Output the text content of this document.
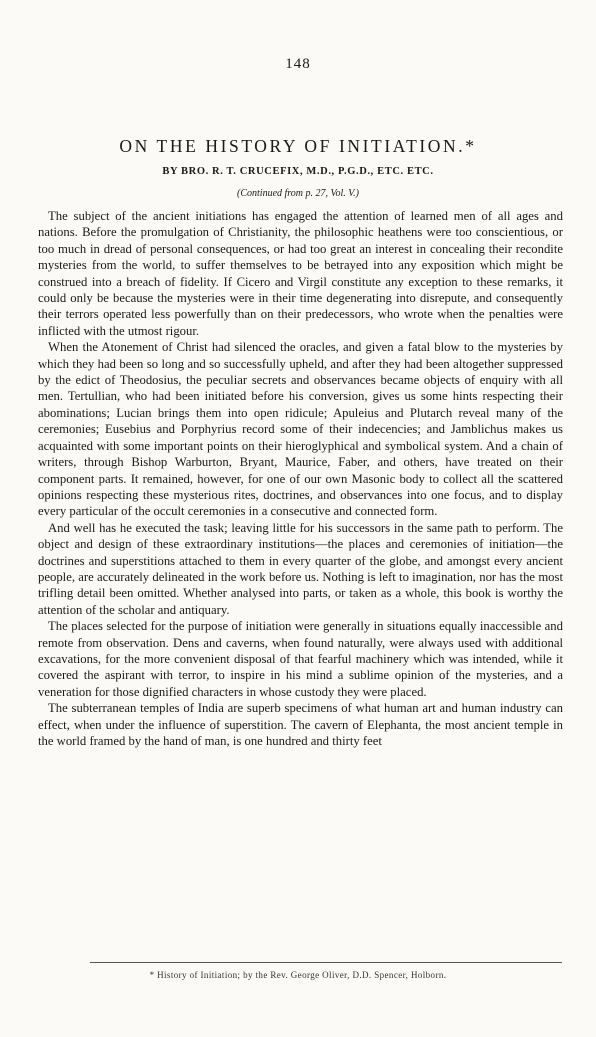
148
ON THE HISTORY OF INITIATION.*
BY BRO. R. T. CRUCEFIX, M.D., P.G.D., ETC. ETC.
(Continued from p. 27, Vol. V.)

The subject of the ancient initiations has engaged the attention of learned men of all ages and nations. Before the promulgation of Christianity, the philosophic heathens were too conscientious, or too much in dread of personal consequences, or had too great an interest in concealing their recondite mysteries from the world, to suffer themselves to be betrayed into any exposition which might be construed into a breach of fidelity. If Cicero and Virgil constitute any exception to these remarks, it could only be because the mysteries were in their time degenerating into disrepute, and consequently their terrors operated less powerfully than on their predecessors, who wrote when the penalties were inflicted with the utmost rigour.

When the Atonement of Christ had silenced the oracles, and given a fatal blow to the mysteries by which they had been so long and so successfully upheld, and after they had been altogether suppressed by the edict of Theodosius, the peculiar secrets and observances became objects of enquiry with all men. Tertullian, who had been initiated before his conversion, gives us some hints respecting their abominations; Lucian brings them into open ridicule; Apuleius and Plutarch reveal many of the ceremonies; Eusebius and Porphyrius record some of their indecencies; and Jamblichus makes us acquainted with some important points on their hieroglyphical and symbolical system. And a chain of writers, through Bishop Warburton, Bryant, Maurice, Faber, and others, have treated on their component parts. It remained, however, for one of our own Masonic body to collect all the scattered opinions respecting these mysterious rites, doctrines, and observances into one focus, and to display every particular of the occult ceremonies in a consecutive and connected form.

And well has he executed the task; leaving little for his successors in the same path to perform. The object and design of these extraordinary institutions—the places and ceremonies of initiation—the doctrines and superstitions attached to them in every quarter of the globe, and amongst every ancient people, are accurately delineated in the work before us. Nothing is left to imagination, nor has the most trifling detail been omitted. Whether analysed into parts, or taken as a whole, this book is worthy the attention of the scholar and antiquary.

The places selected for the purpose of initiation were generally in situations equally inaccessible and remote from observation. Dens and caverns, when found naturally, were always used with additional excavations, for the more convenient disposal of that fearful machinery which was intended, while it covered the aspirant with terror, to inspire in his mind a sublime opinion of the mysteries, and a veneration for those dignified characters in whose custody they were placed.

The subterranean temples of India are superb specimens of what human art and human industry can effect, when under the influence of superstition. The cavern of Elephanta, the most ancient temple in the world framed by the hand of man, is one hundred and thirty feet

* History of Initiation; by the Rev. George Oliver, D.D. Spencer, Holborn.
